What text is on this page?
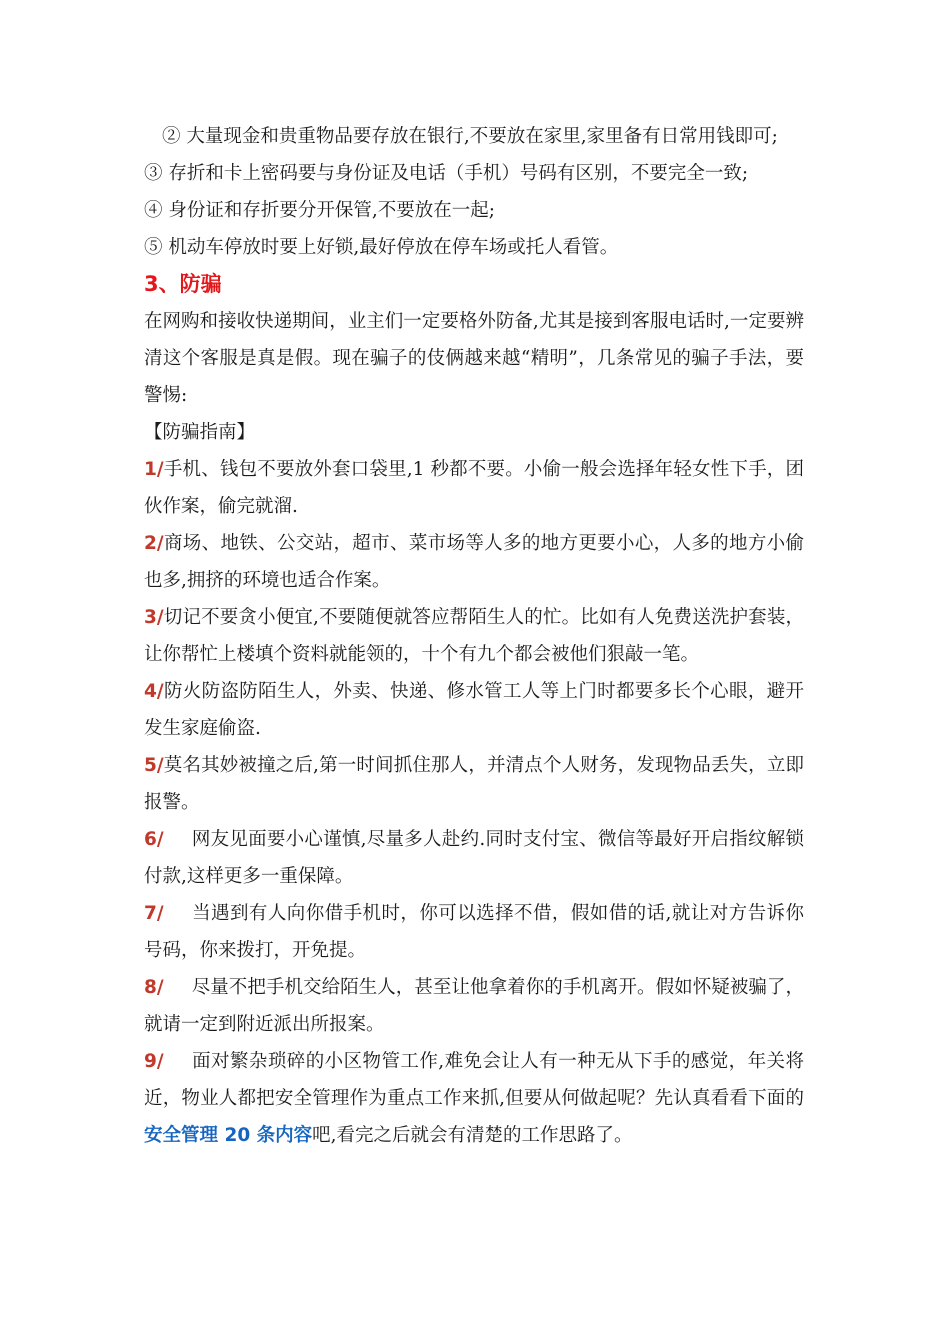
② 大量现金和贵重物品要存放在银行,不要放在家里,家里备有日常用钱即可;

③ 存折和卡上密码要与身份证及电话（手机）号码有区别，不要完全一致;

④ 身份证和存折要分开保管,不要放在一起;

⑤ 机动车停放时要上好锁,最好停放在停车场或托人看管。

3、防骗

在网购和接收快递期间，业主们一定要格外防备,尤其是接到客服电话时,一定要辨清这个客服是真是假。现在骗子的伎俩越来越“精明”，几条常见的骗子手法，要警惕:

【防骗指南】

1/手机、钱包不要放外套口袋里,1 秒都不要。小偷一般会选择年轻女性下手，团伙作案，偷完就溜.

2/商场、地铁、公交站，超市、菜市场等人多的地方更要小心，人多的地方小偷也多,拥挤的环境也适合作案。

3/切记不要贪小便宜,不要随便就答应帮陌生人的忙。比如有人免费送洗护套装，让你帮忙上楼填个资料就能领的，十个有九个都会被他们狠敲一笔。

4/防火防盗防陌生人，外卖、快递、修水管工人等上门时都要多长个心眼，避开发生家庭偷盗.

5/莫名其妙被撞之后,第一时间抓住那人，并清点个人财务，发现物品丢失，立即报警。

6/ 网友见面要小心谨慎,尽量多人赴约.同时支付宝、微信等最好开启指纹解锁付款,这样更多一重保障。

7/ 当遇到有人向你借手机时，你可以选择不借，假如借的话,就让对方告诉你号码，你来拨打，开免提。

8/ 尽量不把手机交给陌生人，甚至让他拿着你的手机离开。假如怀疑被骗了，就请一定到附近派出所报案。

9/ 面对繁杂琐碎的小区物管工作,难免会让人有一种无从下手的感觉，年关将近，物业人都把安全管理作为重点工作来抓,但要从何做起呢？先认真看看下面的安全管理 20 条内容吧,看完之后就会有清楚的工作思路了。
